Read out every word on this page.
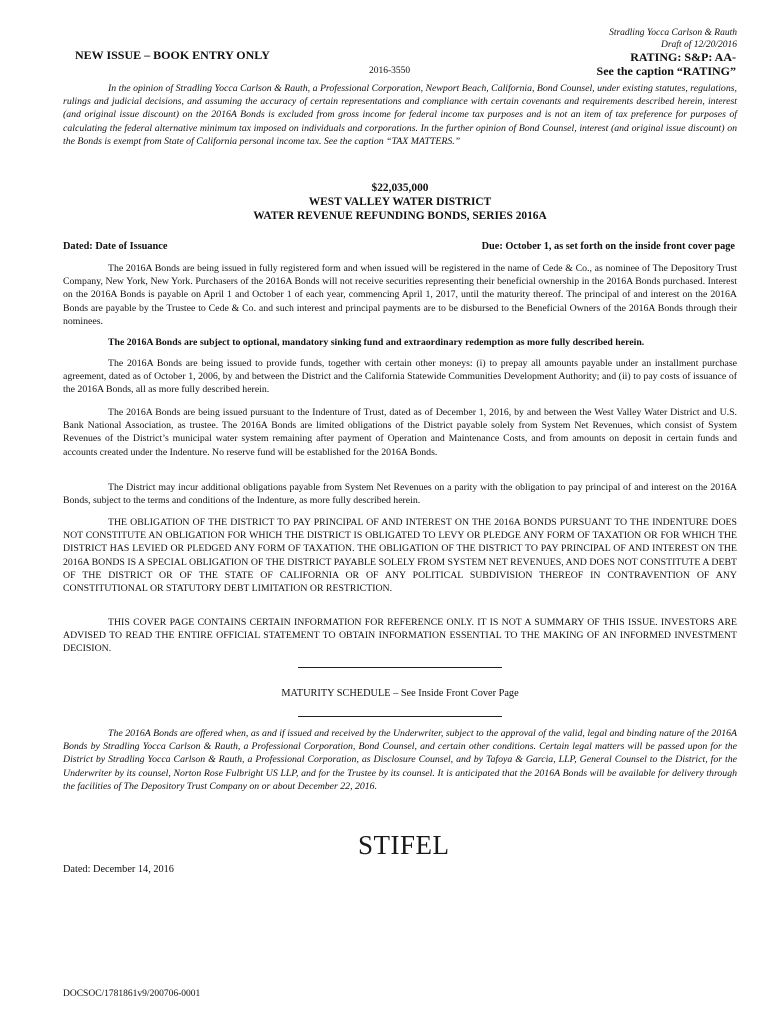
Stradling Yocca Carlson & Rauth
Draft of 12/20/2016
NEW ISSUE – BOOK ENTRY ONLY	RATING: S&P: AA-
See the caption “RATING”
2016-3550
In the opinion of Stradling Yocca Carlson & Rauth, a Professional Corporation, Newport Beach, California, Bond Counsel, under existing statutes, regulations, rulings and judicial decisions, and assuming the accuracy of certain representations and compliance with certain covenants and requirements described herein, interest (and original issue discount) on the 2016A Bonds is excluded from gross income for federal income tax purposes and is not an item of tax preference for purposes of calculating the federal alternative minimum tax imposed on individuals and corporations. In the further opinion of Bond Counsel, interest (and original issue discount) on the Bonds is exempt from State of California personal income tax. See the caption “TAX MATTERS.”
$22,035,000
WEST VALLEY WATER DISTRICT
WATER REVENUE REFUNDING BONDS, SERIES 2016A
Dated: Date of Issuance	Due: October 1, as set forth on the inside front cover page
The 2016A Bonds are being issued in fully registered form and when issued will be registered in the name of Cede & Co., as nominee of The Depository Trust Company, New York, New York. Purchasers of the 2016A Bonds will not receive securities representing their beneficial ownership in the 2016A Bonds purchased. Interest on the 2016A Bonds is payable on April 1 and October 1 of each year, commencing April 1, 2017, until the maturity thereof. The principal of and interest on the 2016A Bonds are payable by the Trustee to Cede & Co. and such interest and principal payments are to be disbursed to the Beneficial Owners of the 2016A Bonds through their nominees.
The 2016A Bonds are subject to optional, mandatory sinking fund and extraordinary redemption as more fully described herein.
The 2016A Bonds are being issued to provide funds, together with certain other moneys: (i) to prepay all amounts payable under an installment purchase agreement, dated as of October 1, 2006, by and between the District and the California Statewide Communities Development Authority; and (ii) to pay costs of issuance of the 2016A Bonds, all as more fully described herein.
The 2016A Bonds are being issued pursuant to the Indenture of Trust, dated as of December 1, 2016, by and between the West Valley Water District and U.S. Bank National Association, as trustee. The 2016A Bonds are limited obligations of the District payable solely from System Net Revenues, which consist of System Revenues of the District’s municipal water system remaining after payment of Operation and Maintenance Costs, and from amounts on deposit in certain funds and accounts created under the Indenture. No reserve fund will be established for the 2016A Bonds.
The District may incur additional obligations payable from System Net Revenues on a parity with the obligation to pay principal of and interest on the 2016A Bonds, subject to the terms and conditions of the Indenture, as more fully described herein.
THE OBLIGATION OF THE DISTRICT TO PAY PRINCIPAL OF AND INTEREST ON THE 2016A BONDS PURSUANT TO THE INDENTURE DOES NOT CONSTITUTE AN OBLIGATION FOR WHICH THE DISTRICT IS OBLIGATED TO LEVY OR PLEDGE ANY FORM OF TAXATION OR FOR WHICH THE DISTRICT HAS LEVIED OR PLEDGED ANY FORM OF TAXATION. THE OBLIGATION OF THE DISTRICT TO PAY PRINCIPAL OF AND INTEREST ON THE 2016A BONDS IS A SPECIAL OBLIGATION OF THE DISTRICT PAYABLE SOLELY FROM SYSTEM NET REVENUES, AND DOES NOT CONSTITUTE A DEBT OF THE DISTRICT OR OF THE STATE OF CALIFORNIA OR OF ANY POLITICAL SUBDIVISION THEREOF IN CONTRAVENTION OF ANY CONSTITUTIONAL OR STATUTORY DEBT LIMITATION OR RESTRICTION.
THIS COVER PAGE CONTAINS CERTAIN INFORMATION FOR REFERENCE ONLY. IT IS NOT A SUMMARY OF THIS ISSUE. INVESTORS ARE ADVISED TO READ THE ENTIRE OFFICIAL STATEMENT TO OBTAIN INFORMATION ESSENTIAL TO THE MAKING OF AN INFORMED INVESTMENT DECISION.
MATURITY SCHEDULE – See Inside Front Cover Page
The 2016A Bonds are offered when, as and if issued and received by the Underwriter, subject to the approval of the valid, legal and binding nature of the 2016A Bonds by Stradling Yocca Carlson & Rauth, a Professional Corporation, Bond Counsel, and certain other conditions. Certain legal matters will be passed upon for the District by Stradling Yocca Carlson & Rauth, a Professional Corporation, as Disclosure Counsel, and by Tafoya & Garcia, LLP, General Counsel to the District, for the Underwriter by its counsel, Norton Rose Fulbright US LLP, and for the Trustee by its counsel. It is anticipated that the 2016A Bonds will be available for delivery through the facilities of The Depository Trust Company on or about December 22, 2016.
STIFEL
Dated: December 14, 2016
DOCSOC/1781861v9/200706-0001
